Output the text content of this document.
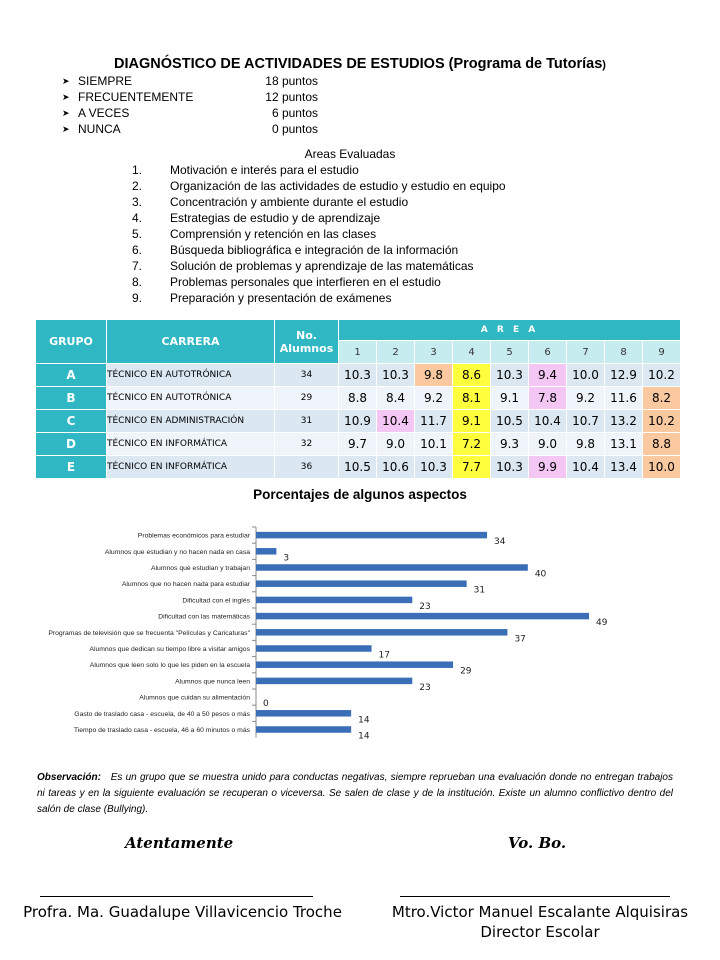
DIAGNÓSTICO DE ACTIVIDADES DE ESTUDIOS (Programa de Tutorías)
➤ SIEMPRE	18 puntos
➤ FRECUENTEMENTE	12 puntos
➤ A VECES	6 puntos
➤ NUNCA	0 puntos
Areas Evaluadas
1.	Motivación e interés para el estudio
2.	Organización de las actividades de estudio y estudio en equipo
3.	Concentración y ambiente durante el estudio
4.	Estrategias de estudio y de aprendizaje
5.	Comprensión y retención en las clases
6.	Búsqueda bibliográfica e integración de la información
7.	Solución de problemas y aprendizaje de las matemáticas
8.	Problemas personales que interfieren en el estudio
9.	Preparación y presentación de exámenes
GRUPO	CARRERA	No. Alumnos	A R E A								
			1	2	3	4	5	6	7	8	9
A	TÉCNICO EN AUTOTRÓNICA	34	10.3	10.3	9.8	8.6	10.3	9.4	10.0	12.9	10.2
B	TÉCNICO EN AUTOTRÓNICA	29	8.8	8.4	9.2	8.1	9.1	7.8	9.2	11.6	8.2
C	TÉCNICO EN ADMINISTRACIÓN	31	10.9	10.4	11.7	9.1	10.5	10.4	10.7	13.2	10.2
D	TÉCNICO EN INFORMÁTICA	32	9.7	9.0	10.1	7.2	9.3	9.0	9.8	13.1	8.8
E	TÉCNICO EN INFORMÁTICA	36	10.5	10.6	10.3	7.7	10.3	9.9	10.4	13.4	10.0
Porcentajes de algunos aspectos
Problemas económicos para estudiar
34
Alumnos que estudian y no hacen nada en casa
3
Alumnos que estudian y trabajan
40
Alumnos que no hacen nada para estudiar
31
Dificultad con el inglés
23
Dificultad con las matemáticas
49
Programas de televisión que se frecuenta "Películas y Caricaturas"
37
Alumnos que dedican su tiempo libre a visitar amigos
17
Alumnos que leen solo lo que les piden en la escuela
29
Alumnos que nunca leen
23
Alumnos que cuidan su alimentación
0
Gasto de traslado casa - escuela, de 40 a 50 pesos o más
14
Tiempo de traslado casa - escuela, 46 a 60 minutos o más
14
Observación: Es un grupo que se muestra unido para conductas negativas, siempre reprueban una evaluación donde no entregan trabajos ni tareas y en la siguiente evaluación se recuperan o viceversa. Se salen de clase y de la institución. Existe un alumno conflictivo dentro del salón de clase (Bullying).
Atentamente	Vo. Bo.
Profra. Ma. Guadalupe Villavicencio Troche	Mtro.Victor Manuel Escalante Alquisiras
Director Escolar
